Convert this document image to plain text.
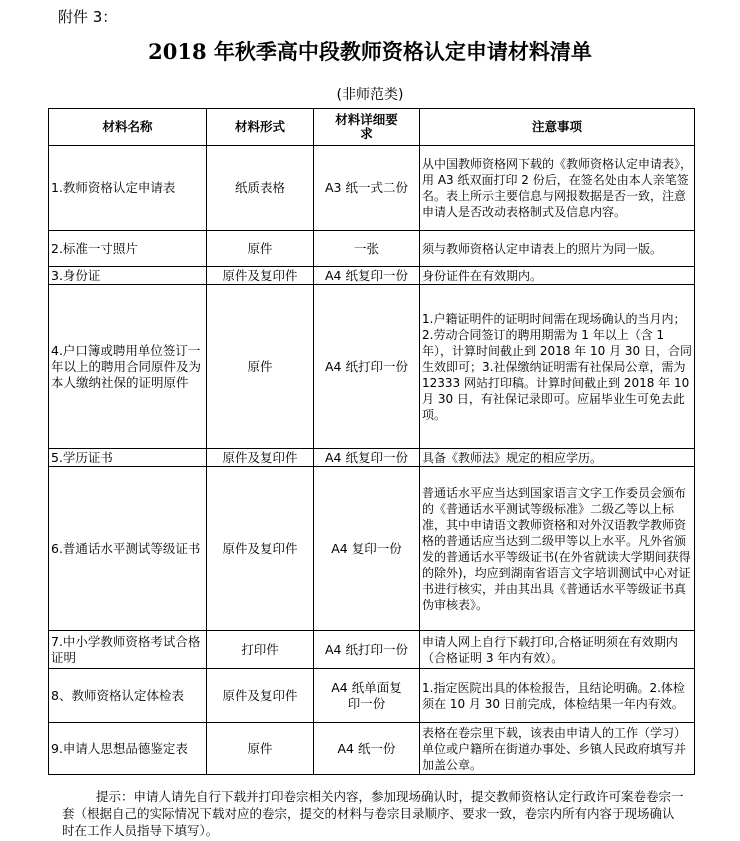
附件 3：
2018 年秋季高中段教师资格认定申请材料清单
(非师范类)
材料名称	材料形式	材料详细要求	注意事项
1.教师资格认定申请表	纸质表格	A3 纸一式二份	从中国教师资格网下载的《教师资格认定申请表》，用 A3 纸双面打印 2 份后，在签名处由本人亲笔签名。表上所示主要信息与网报数据是否一致，注意申请人是否改动表格制式及信息内容。
2.标准一寸照片	原件	一张	须与教师资格认定申请表上的照片为同一版。
3.身份证	原件及复印件	A4 纸复印一份	身份证件在有效期内。
4.户口簿或聘用单位签订一年以上的聘用合同原件及为本人缴纳社保的证明原件	原件	A4 纸打印一份	1.户籍证明件的证明时间需在现场确认的当月内；2.劳动合同签订的聘用期需为 1 年以上（含 1 年），计算时间截止到 2018 年 10 月 30 日，合同生效即可；3.社保缴纳证明需有社保局公章，需为 12333 网站打印稿。计算时间截止到 2018 年 10 月 30 日，有社保记录即可。应届毕业生可免去此项。
5.学历证书	原件及复印件	A4 纸复印一份	具备《教师法》规定的相应学历。
6.普通话水平测试等级证书	原件及复印件	A4 复印一份	普通话水平应当达到国家语言文字工作委员会颁布的《普通话水平测试等级标准》二级乙等以上标准，其中申请语文教师资格和对外汉语教学教师资格的普通话应当达到二级甲等以上水平。凡外省颁发的普通话水平等级证书(在外省就读大学期间获得的除外)，均应到湖南省语言文字培训测试中心对证书进行核实，并由其出具《普通话水平等级证书真伪审核表》。
7.中小学教师资格考试合格证明	打印件	A4 纸打印一份	申请人网上自行下载打印,合格证明须在有效期内（合格证明 3 年内有效）。
8、教师资格认定体检表	原件及复印件	A4 纸单面复印一份	1.指定医院出具的体检报告，且结论明确。2.体检须在 10 月 30 日前完成，体检结果一年内有效。
9.申请人思想品德鉴定表	原件	A4 纸一份	表格在卷宗里下载，该表由申请人的工作（学习）单位或户籍所在街道办事处、乡镇人民政府填写并加盖公章。
提示：申请人请先自行下载并打印卷宗相关内容，参加现场确认时，提交教师资格认定行政许可案卷卷宗一套（根据自己的实际情况下载对应的卷宗，提交的材料与卷宗目录顺序、要求一致，卷宗内所有内容于现场确认时在工作人员指导下填写）。
